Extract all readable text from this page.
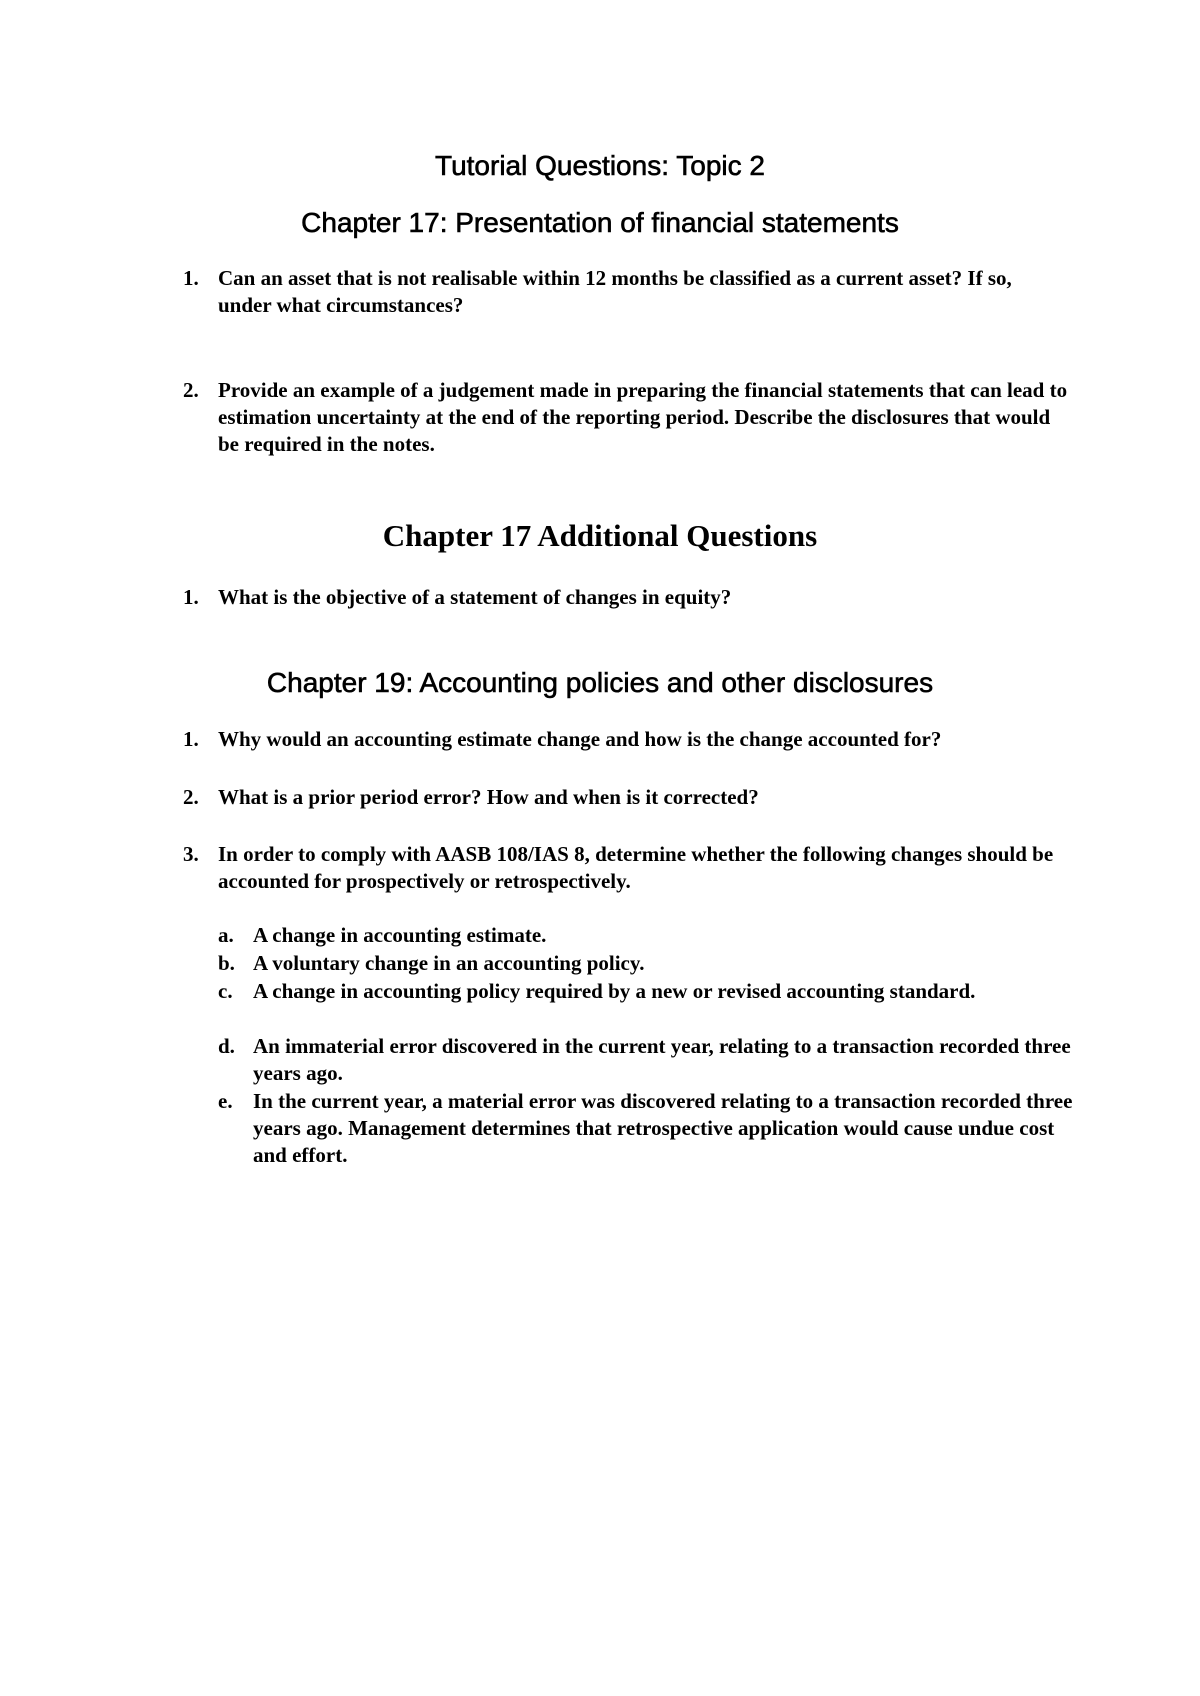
Tutorial Questions: Topic 2
Chapter 17: Presentation of financial statements
1. Can an asset that is not realisable within 12 months be classified as a current asset? If so, under what circumstances?
2. Provide an example of a judgement made in preparing the financial statements that can lead to estimation uncertainty at the end of the reporting period. Describe the disclosures that would be required in the notes.
Chapter 17 Additional Questions
1. What is the objective of a statement of changes in equity?
Chapter 19: Accounting policies and other disclosures
1. Why would an accounting estimate change and how is the change accounted for?
2. What is a prior period error? How and when is it corrected?
3. In order to comply with AASB 108/IAS 8, determine whether the following changes should be accounted for prospectively or retrospectively.
a. A change in accounting estimate.
b. A voluntary change in an accounting policy.
c. A change in accounting policy required by a new or revised accounting standard.
d. An immaterial error discovered in the current year, relating to a transaction recorded three years ago.
e. In the current year, a material error was discovered relating to a transaction recorded three years ago. Management determines that retrospective application would cause undue cost and effort.
